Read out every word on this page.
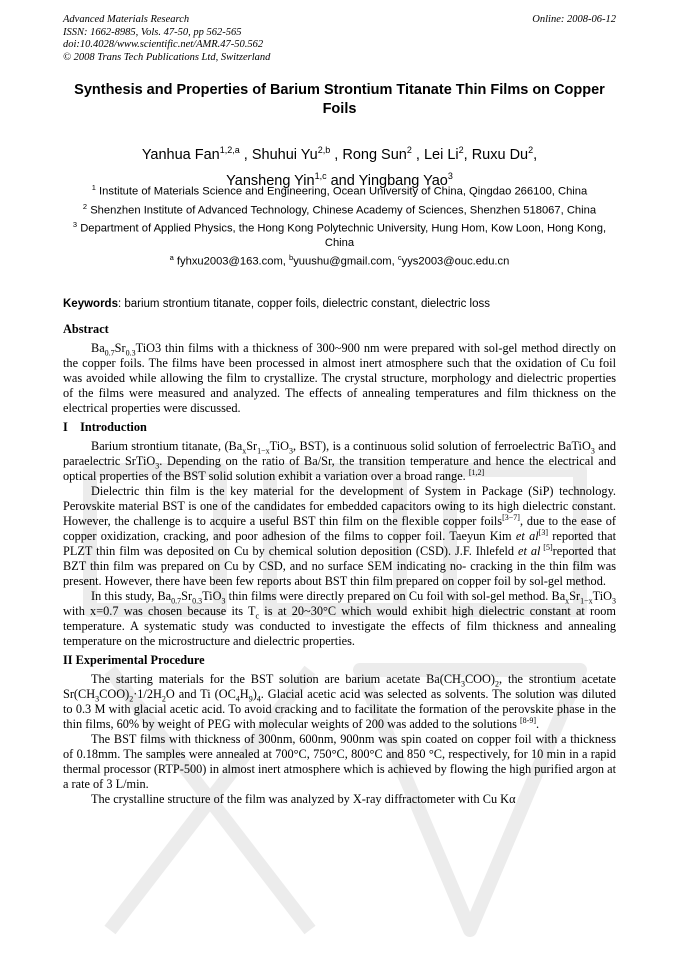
Advanced Materials Research
ISSN: 1662-8985, Vols. 47-50, pp 562-565
doi:10.4028/www.scientific.net/AMR.47-50.562
© 2008 Trans Tech Publications Ltd, Switzerland
Online: 2008-06-12
Synthesis and Properties of Barium Strontium Titanate Thin Films on Copper Foils
Yanhua Fan$^{1,2,a}$ , Shuhui Yu$^{2,b}$ , Rong Sun$^2$ , Lei Li$^2$, Ruxu Du$^2$,
Yansheng Yin$^{1,c}$ and Yingbang Yao$^3$

$^1$ Institute of Materials Science and Engineering, Ocean University of China, Qingdao 266100, China

$^2$ Shenzhen Institute of Advanced Technology, Chinese Academy of Sciences, Shenzhen 518067, China

$^3$ Department of Applied Physics, the Hong Kong Polytechnic University, Hung Hom, Kow Loon, Hong Kong, China

$^a$ fyhxu2003@163.com, $^b$yuushu@gmail.com, $^c$yys2003@ouc.edu.cn

Keywords: barium strontium titanate, copper foils, dielectric constant, dielectric loss
Abstract

$Ba_{0.7}Sr_{0.3}TiO3$ thin films with a thickness of 300~900 nm were prepared with sol-gel method directly on the copper foils. The films have been processed in almost inert atmosphere such that the oxidation of Cu foil was avoided while allowing the film to crystallize. The crystal structure, morphology and dielectric properties of the films were measured and analyzed. The effects of annealing temperatures and film thickness on the electrical properties were discussed.

I    Introduction

Barium strontium titanate, ($Ba_xSr_{1-x}TiO_3$, BST), is a continuous solid solution of ferroelectric BaTiO$_3$ and paraelectric SrTiO$_3$. Depending on the ratio of Ba/Sr, the transition temperature and hence the electrical and optical properties of the BST solid solution exhibit a variation over a broad range. [1,2]

Dielectric thin film is the key material for the development of System in Package (SiP) technology. Perovskite material BST is one of the candidates for embedded capacitors owing to its high dielectric constant. However, the challenge is to acquire a useful BST thin film on the flexible copper foils[3−7], due to the ease of copper oxidization, cracking, and poor adhesion of the films to copper foil. Taeyun Kim et al[3] reported that PLZT thin film was deposited on Cu by chemical solution deposition (CSD). J.F. Ihlefeld et al [5]reported that BZT thin film was prepared on Cu by CSD, and no surface SEM indicating no- cracking in the thin film was present. However, there have been few reports about BST thin film prepared on copper foil by sol-gel method.

In this study, $Ba_{0.7}Sr_{0.3}TiO_3$ thin films were directly prepared on Cu foil with sol-gel method. $Ba_xSr_{1-x}TiO_3$ with x=0.7 was chosen because its $T_c$ is at 20~30°C which would exhibit high dielectric constant at room temperature. A systematic study was conducted to investigate the effects of film thickness and annealing temperature on the microstructure and dielectric properties.

II Experimental Procedure

The starting materials for the BST solution are barium acetate $Ba(CH_3COO)_2$, the strontium acetate $Sr(CH_3COO)_2\cdot 1/2H_2O$ and Ti $(OC_4H_9)_4$. Glacial acetic acid was selected as solvents. The solution was diluted to 0.3 M with glacial acetic acid. To avoid cracking and to facilitate the formation of the perovskite phase in the thin films, 60% by weight of PEG with molecular weights of 200 was added to the solutions [8-9].

The BST films with thickness of 300nm, 600nm, 900nm was spin coated on copper foil with a thickness of 0.18mm. The samples were annealed at 700°C, 750°C, 800°C and 850 °C, respectively, for 10 min in a rapid thermal processor (RTP-500) in almost inert atmosphere which is achieved by flowing the high purified argon at a rate of 3 L/min.

The crystalline structure of the film was analyzed by X-ray diffractometer with Cu Kα
